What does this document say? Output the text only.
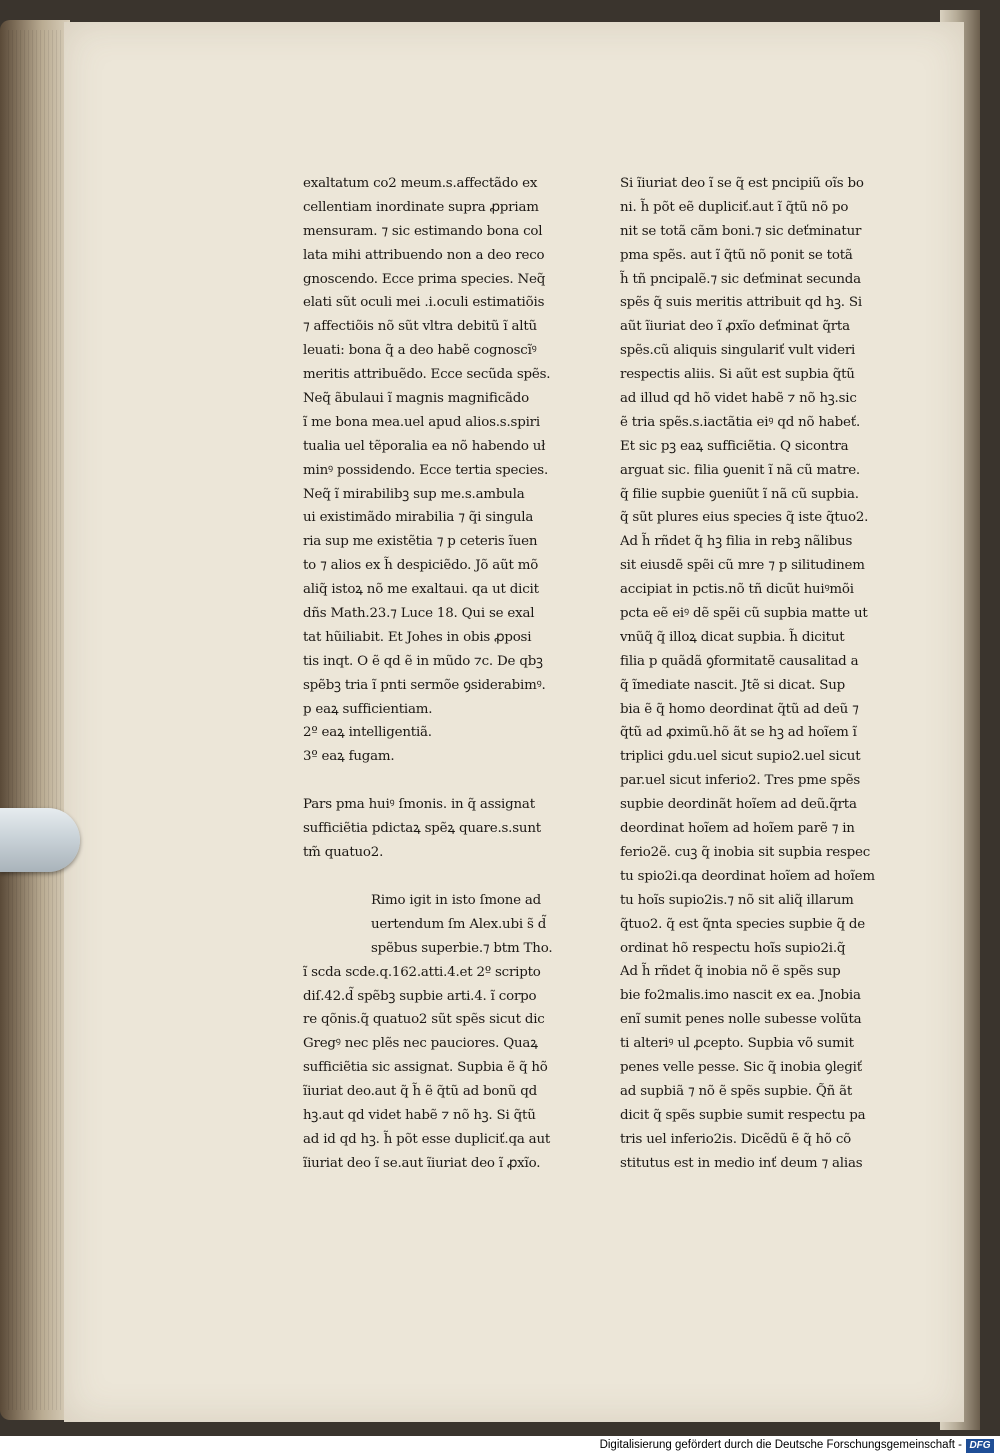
exaltatum co2 meum.s.affectãdo ex
cellentiam inordinate supra ꝓpriam
mensuram. ⁊ sic estimando bona col
lata mihi attribuendo non a deo reco
gnoscendo. Ecce prima species. Neq̃
elati sũt oculi mei .i.oculi estimatiõis
⁊ affectiõis nõ sũt vltra debitũ ĩ altũ
leuati: bona q̃ a deo habẽ cognoscĩꝰ
meritis attribuẽdo. Ecce secũda spẽs.
Neq̃ ãbulaui ĩ magnis magnificãdo
ĩ me bona mea.uel apud alios.s.spiri
tualia uel tẽporalia ea nõ habendo uł
minꝰ possidendo. Ecce tertia species.
Neq̃ ĩ mirabilibꝫ sup me.s.ambula
ui existimãdo mirabilia ⁊ q̃i singula
ria sup me existẽtia ⁊ p ceteris ĩuen
to ⁊ alios ex h̃ despiciẽdo. Jõ aũt mõ
aliq̃ istoꝝ nõ me exaltaui. qa ut dicit
dñs Math.23.⁊ Luce 18. Qui se exal
tat hũiliabit. Et Johes in obis ꝓposi
tis inqt. O ẽ qd ẽ in mũdo ⁊c. De qbꝫ
spẽbꝫ tria ĩ pnti sermõe ꝯsiderabimꝰ.
p eaꝝ sufficientiam.
2º eaꝝ intelligentiã.
3º eaꝝ fugam.
Pars pma huiꝰ ſmonis. in q̃ assignat
sufficiẽtia pdictaꝝ spẽꝝ quare.s.sunt
tm̃ quatuo2.
Rimo igit in isto ſmone ad
uertendum ſm Alex.ubi s̃ d̃
spẽbus superbie.⁊ btm Tho.
ĩ scda scde.q.162.atti.4.et 2º scripto
diſ.42.d̃ spẽbꝫ supbie arti.4. ĩ corpo
re qõnis.q̃ quatuo2 sũt spẽs sicut dic
Gregꝰ nec plẽs nec pauciores. Quaꝝ
sufficiẽtia sic assignat. Supbia ẽ q̃ hõ
ĩiuriat deo.aut q̃ h̃ ẽ q̃tũ ad bonũ qd
hꝫ.aut qd videt habẽ ⁊ nõ hꝫ. Si q̃tũ
ad id qd hꝫ. h̃ põt esse dupliciť.qa aut
ĩiuriat deo ĩ se.aut ĩiuriat deo ĩ ꝓxĩo.
Si ĩiuriat deo ĩ se q̃ est pncipiũ oĩs bo
ni. h̃ põt eẽ dupliciť.aut ĩ q̃tũ nõ po
nit se totã cãm boni.⁊ sic deťminatur
pma spẽs. aut ĩ q̃tũ nõ ponit se totã
h̃ tñ pncipalẽ.⁊ sic deťminat secunda
spẽs q̃ suis meritis attribuit qd hꝫ. Si
aũt ĩiuriat deo ĩ ꝓxĩo deťminat q̃rta
spẽs.cũ aliquis singulariť vult videri
respectis aliis. Si aũt est supbia q̃tũ
ad illud qd hõ videt habẽ ⁊ nõ hꝫ.sic
ẽ tria spẽs.s.iactãtia eiꝰ qd nõ habeť.
Et sic pꝫ eaꝝ sufficiẽtia. Q sicontra
arguat sic. filia ꝯuenit ĩ nã cũ matre.
q̃ filie supbie ꝯueniũt ĩ nã cũ supbia.
q̃ sũt plures eius species q̃ iste q̃tuo2.
Ad h̃ rñdet q̃ hꝫ filia in rebꝫ nãlibus
sit eiusdẽ spẽi cũ mre ⁊ p silitudinem
accipiat in pctis.nõ tñ dicũt huiꝰmõi
pcta eẽ eiꝰ dẽ spẽi cũ supbia matte ut
vnũq̃ q̃ illoꝝ dicat supbia. h̃ dicitut
filia p quãdã ꝯformitatẽ causalitad a
q̃ ĩmediate nascit. Jtẽ si dicat. Sup
bia ẽ q̃ homo deordinat q̃tũ ad deũ ⁊
q̃tũ ad ꝓximũ.hõ ãt se hꝫ ad hoĩem ĩ
triplici gdu.uel sicut supio2.uel sicut
par.uel sicut inferio2. Tres pme spẽs
supbie deordinãt hoĩem ad deũ.q̃rta
deordinat hoĩem ad hoĩem parẽ ⁊ in
ferio2ẽ. cuꝫ q̃ inobia sit supbia respec
tu spio2i.qa deordinat hoĩem ad hoĩem
tu hoĩs supio2is.⁊ nõ sit aliq̃ illarum
q̃tuo2. q̃ est q̃nta species supbie q̃ de
ordinat hõ respectu hoĩs supio2i.q̃
Ad h̃ rñdet q̃ inobia nõ ẽ spẽs sup
bie fo2malis.imo nascit ex ea. Jnobia
enĩ sumit penes nolle subesse volũta
ti alteriꝰ ul ꝓcepto. Supbia võ sumit
penes velle pesse. Sic q̃ inobia ꝯlegiť
ad supbiã ⁊ nõ ẽ spẽs supbie. Q̃ñ ãt
dicit q̃ spẽs supbie sumit respectu pa
tris uel inferio2is. Dicẽdũ ẽ q̃ hõ cõ
stitutus est in medio inť deum ⁊ alias
Digitalisierung gefördert durch die Deutsche Forschungsgemeinschaft - DFG
